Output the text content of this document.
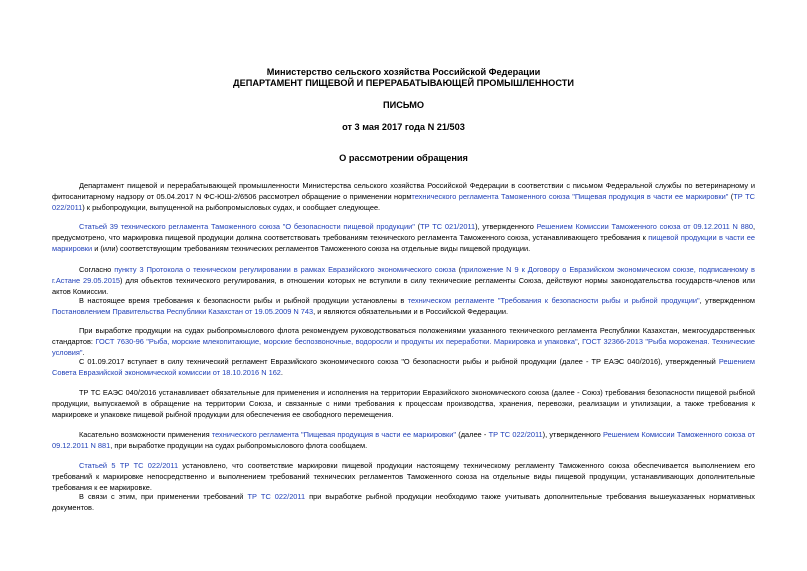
Министерство сельского хозяйства Российской Федерации
ДЕПАРТАМЕНТ ПИЩЕВОЙ И ПЕРЕРАБАТЫВАЮЩЕЙ ПРОМЫШЛЕННОСТИ
ПИСЬМО
от 3 мая 2017 года N 21/503
О рассмотрении обращения

Департамент пищевой и перерабатывающей промышленности Министерства сельского хозяйства Российской Федерации в соответствии с письмом Федеральной службы по ветеринарному и фитосанитарному надзору от 05.04.2017 N ФС-ЮШ-2/6506 рассмотрел обращение о применении нормтехнического регламента Таможенного союза "Пищевая продукция в части ее маркировки" (ТР ТС 022/2011) к рыбопродукции, выпущенной на рыбопромысловых судах, и сообщает следующее.

Статьей 39 технического регламента Таможенного союза "О безопасности пищевой продукции" (ТР ТС 021/2011), утвержденного Решением Комиссии Таможенного союза от 09.12.2011 N 880, предусмотрено, что маркировка пищевой продукции должна соответствовать требованиям технического регламента Таможенного союза, устанавливающего требования к пищевой продукции в части ее маркировки и (или) соответствующим требованиям технических регламентов Таможенного союза на отдельные виды пищевой продукции.

Согласно пункту 3 Протокола о техническом регулировании в рамках Евразийского экономического союза (приложение N 9 к Договору о Евразийском экономическом союзе, подписанному в г.Астане 29.05.2015) для объектов технического регулирования, в отношении которых не вступили в силу технические регламенты Союза, действуют нормы законодательства государств-членов или актов Комиссии.

В настоящее время требования к безопасности рыбы и рыбной продукции установлены в техническом регламенте "Требования к безопасности рыбы и рыбной продукции", утвержденном Постановлением Правительства Республики Казахстан от 19.05.2009 N 743, и являются обязательными и в Российской Федерации.

При выработке продукции на судах рыбопромыслового флота рекомендуем руководствоваться положениями указанного технического регламента Республики Казахстан, межгосударственных стандартов: ГОСТ 7630-96 "Рыба, морские млекопитающие, морские беспозвоночные, водоросли и продукты их переработки. Маркировка и упаковка", ГОСТ 32366-2013 "Рыба мороженая. Технические условия".

С 01.09.2017 вступает в силу технический регламент Евразийского экономического союза "О безопасности рыбы и рыбной продукции (далее - ТР ЕАЭС 040/2016), утвержденный Решением Совета Евразийской экономической комиссии от 18.10.2016 N 162.

ТР ТС ЕАЭС 040/2016 устанавливает обязательные для применения и исполнения на территории Евразийского экономического союза (далее - Союз) требования безопасности пищевой рыбной продукции, выпускаемой в обращение на территории Союза, и связанные с ними требования к процессам производства, хранения, перевозки, реализации и утилизации, а также требования к маркировке и упаковке пищевой рыбной продукции для обеспечения ее свободного перемещения.

Касательно возможности применения технического регламента "Пищевая продукция в части ее маркировки" (далее - ТР ТС 022/2011), утвержденного Решением Комиссии Таможенного союза от 09.12.2011 N 881, при выработке продукции на судах рыбопромыслового флота сообщаем.

Статьей 5 ТР ТС 022/2011 установлено, что соответствие маркировки пищевой продукции настоящему техническому регламенту Таможенного союза обеспечивается выполнением его требований к маркировке непосредственно и выполнением требований технических регламентов Таможенного союза на отдельные виды пищевой продукции, устанавливающих дополнительные требования к ее маркировке.

В связи с этим, при применении требований ТР ТС 022/2011 при выработке рыбной продукции необходимо также учитывать дополнительные требования вышеуказанных нормативных документов.
